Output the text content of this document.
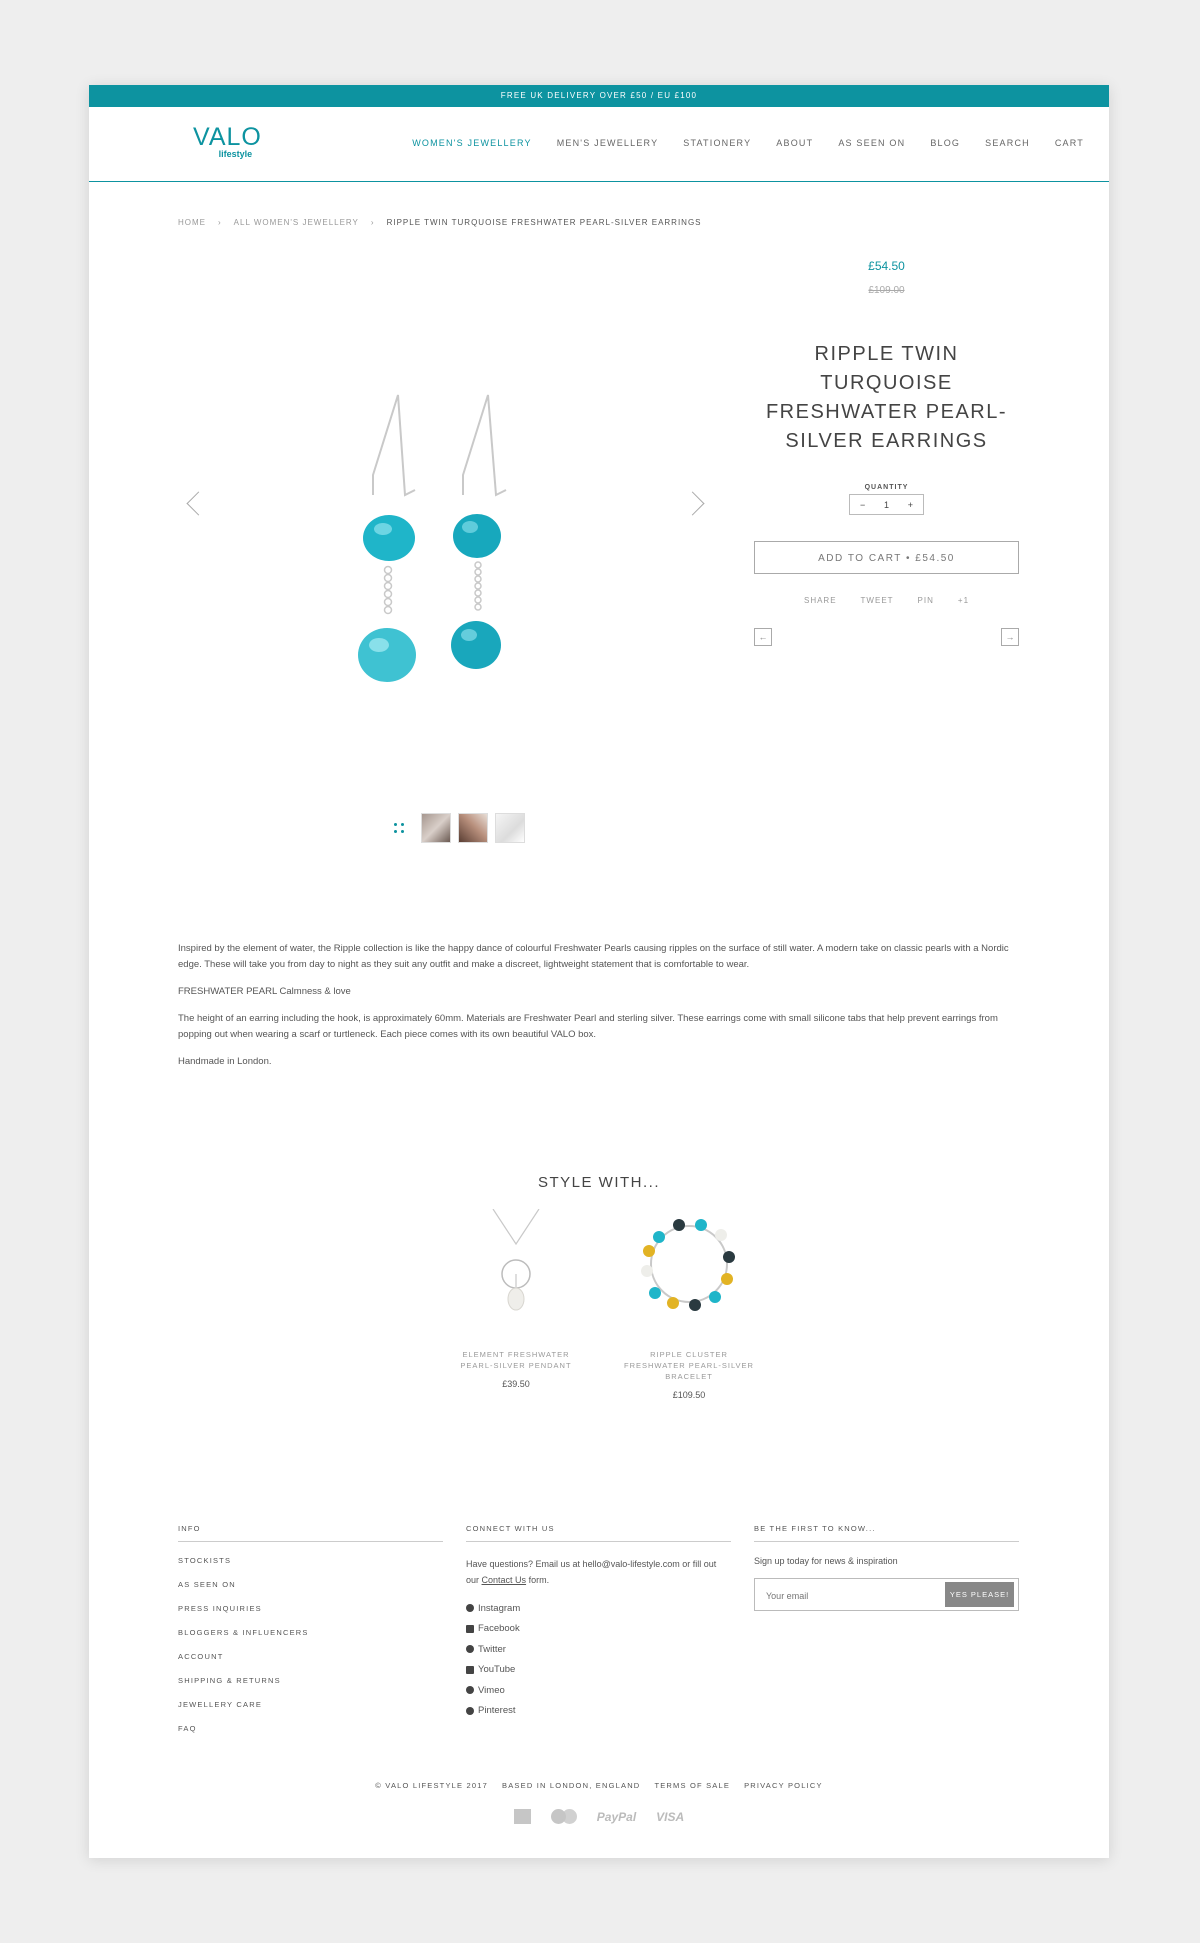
FREE UK DELIVERY OVER £50 / EU £100
VALO
lifestyle
WOMEN'S JEWELLERY	MEN'S JEWELLERY	STATIONERY	ABOUT	AS SEEN ON	BLOG	SEARCH	CART
HOME › ALL WOMEN'S JEWELLERY › RIPPLE TWIN TURQUOISE FRESHWATER PEARL-SILVER EARRINGS
£54.50
£109.00
RIPPLE TWIN TURQUOISE FRESHWATER PEARL-SILVER EARRINGS
QUANTITY
− 1 +
ADD TO CART • £54.50
SHARE	TWEET	PIN	+1
←	→

Inspired by the element of water, the Ripple collection is like the happy dance of colourful Freshwater Pearls causing ripples on the surface of still water. A modern take on classic pearls with a Nordic edge. These will take you from day to night as they suit any outfit and make a discreet, lightweight statement that is comfortable to wear.

FRESHWATER PEARL Calmness & love

The height of an earring including the hook, is approximately 60mm. Materials are Freshwater Pearl and sterling silver. These earrings come with small silicone tabs that help prevent earrings from popping out when wearing a scarf or turtleneck. Each piece comes with its own beautiful VALO box.

Handmade in London.

STYLE WITH...
ELEMENT FRESHWATER PEARL-SILVER PENDANT
£39.50
RIPPLE CLUSTER FRESHWATER PEARL-SILVER BRACELET
£109.50
INFO
STOCKISTS
AS SEEN ON
PRESS INQUIRIES
BLOGGERS & INFLUENCERS
ACCOUNT
SHIPPING & RETURNS
JEWELLERY CARE
FAQ
CONNECT WITH US
Have questions? Email us at hello@valo-lifestyle.com or fill out our Contact Us form.
Instagram
Facebook
Twitter
YouTube
Vimeo
Pinterest
BE THE FIRST TO KNOW...
Sign up today for news & inspiration
Your email
YES PLEASE!
© VALO LIFESTYLE 2017 BASED IN LONDON, ENGLAND TERMS OF SALE PRIVACY POLICY
PayPal VISA
